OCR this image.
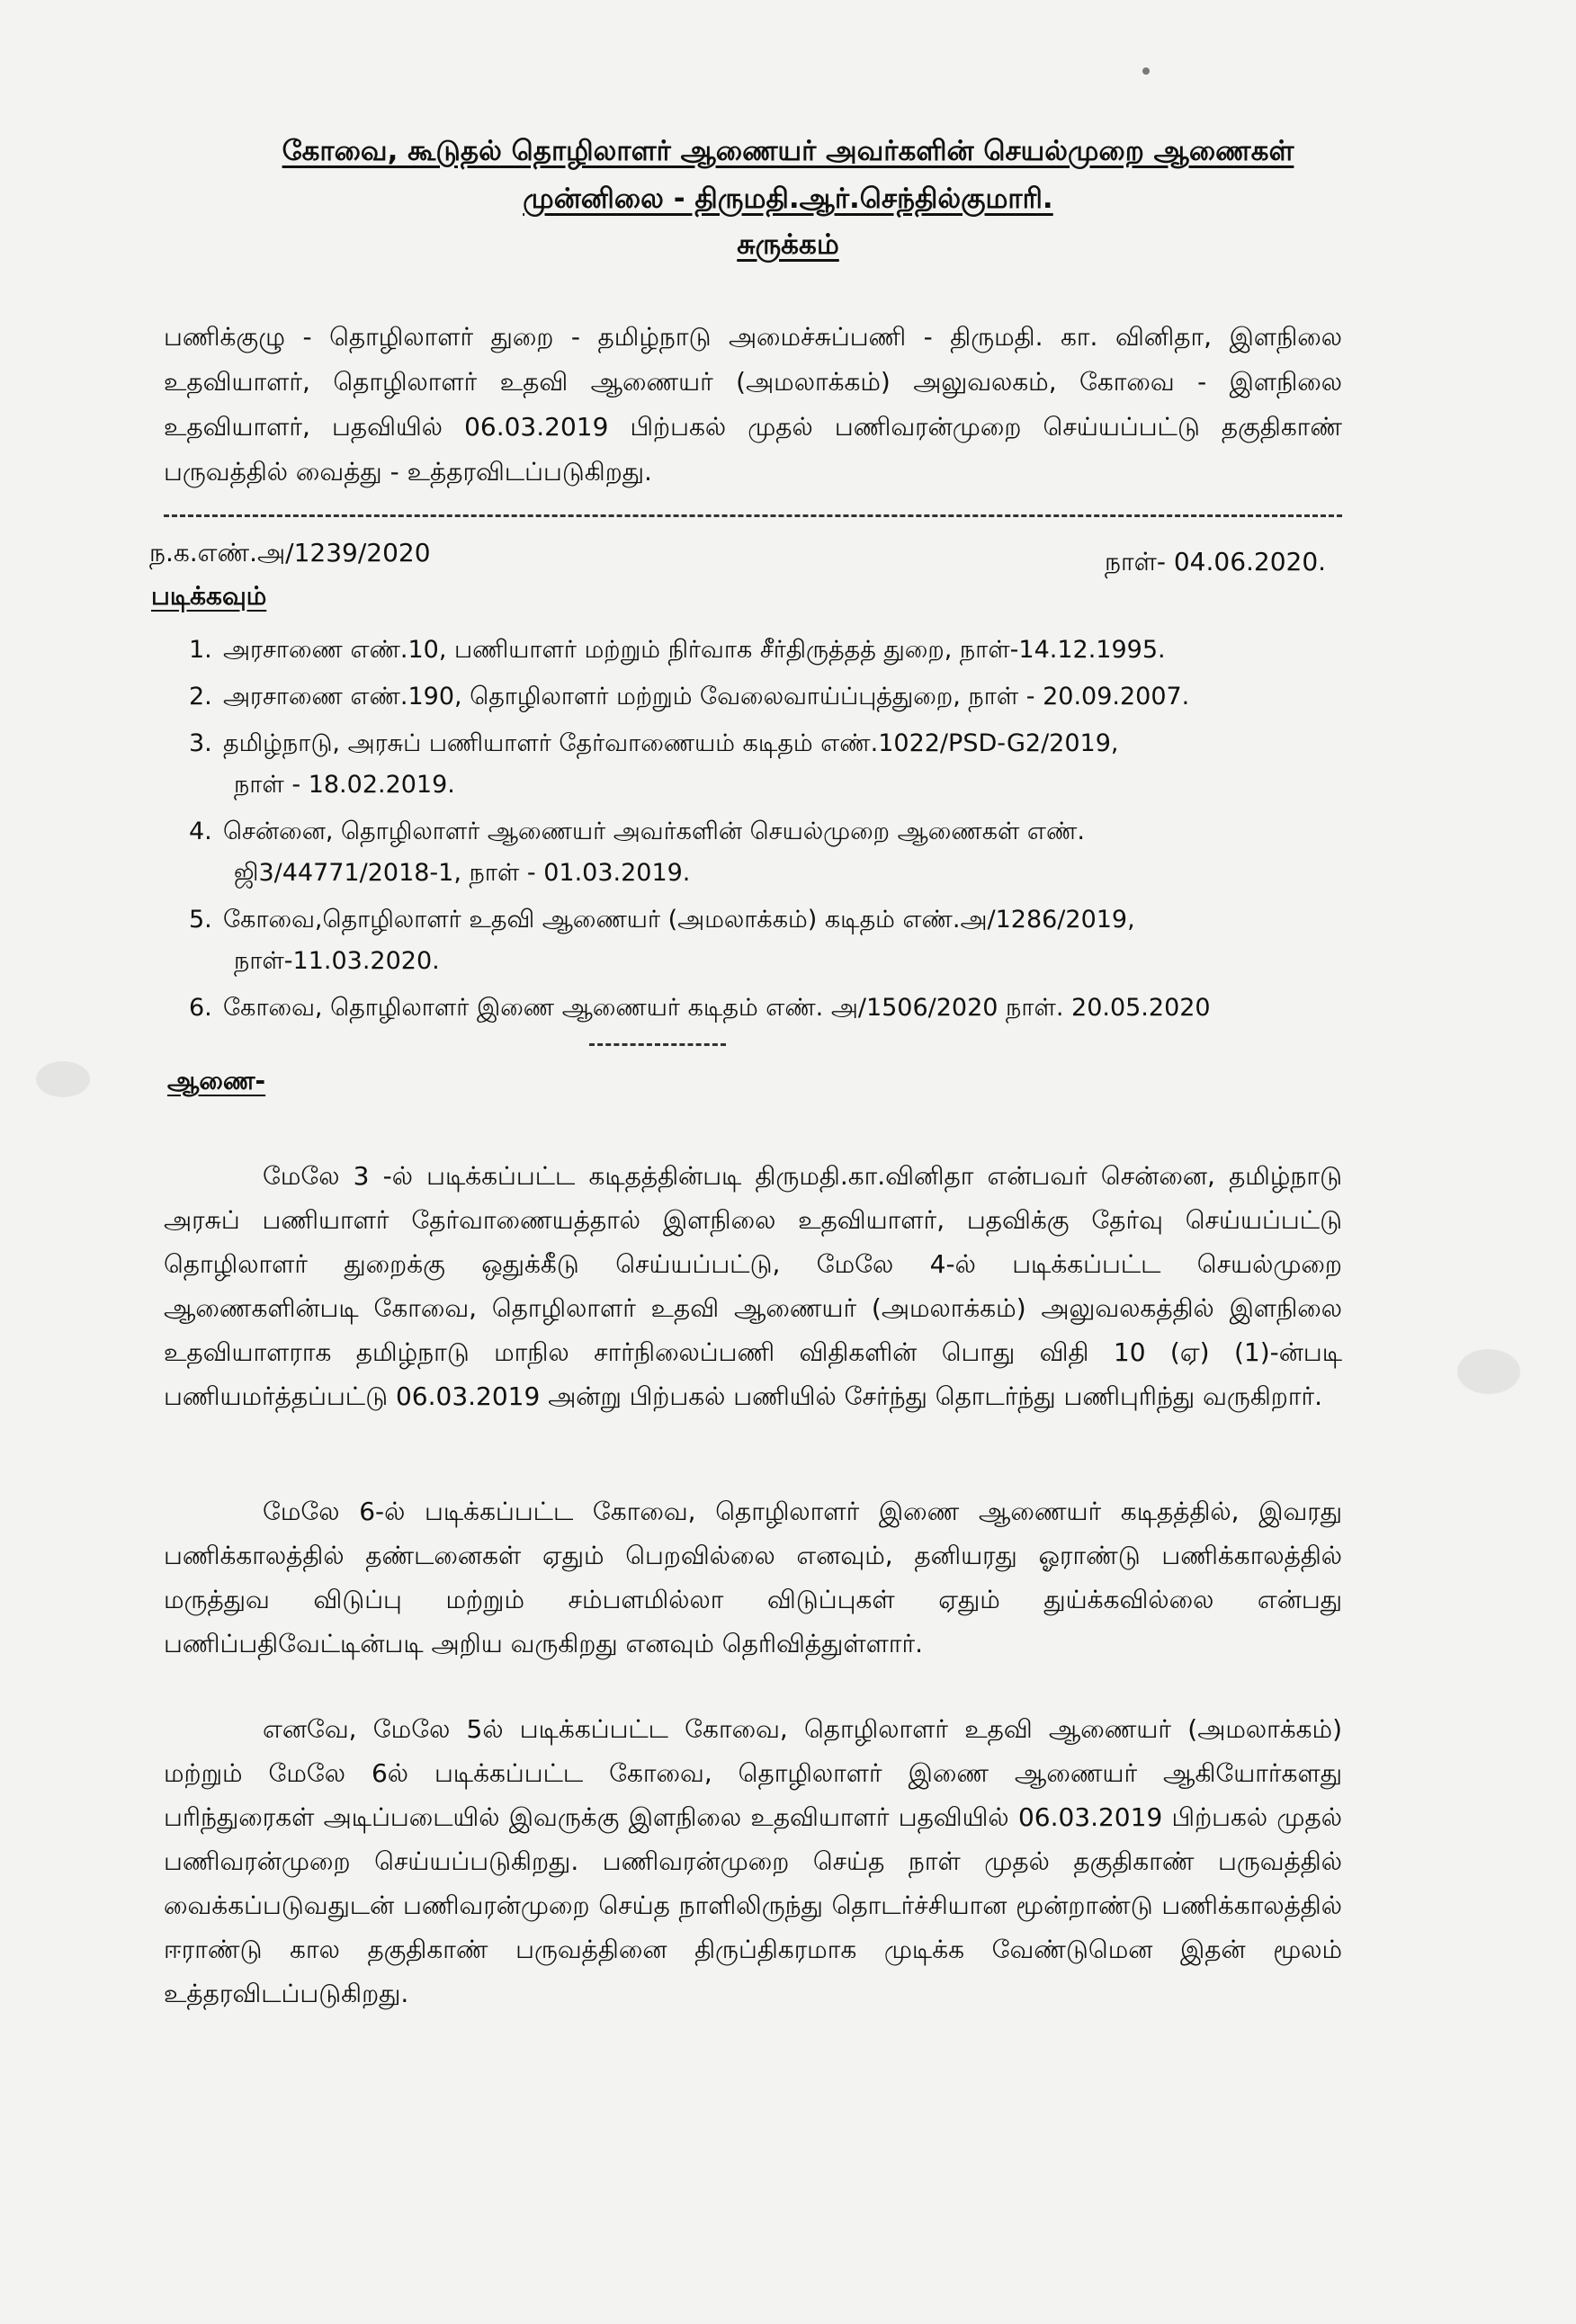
கோவை, கூடுதல் தொழிலாளர் ஆணையர் அவர்களின் செயல்முறை ஆணைகள்
முன்னிலை - திருமதி.ஆர்.செந்தில்குமாரி.
சுருக்கம்
பணிக்குழு - தொழிலாளர் துறை - தமிழ்நாடு அமைச்சுப்பணி - திருமதி. கா. வினிதா, இளநிலை உதவியாளர், தொழிலாளர் உதவி ஆணையர் (அமலாக்கம்) அலுவலகம், கோவை - இளநிலை உதவியாளர், பதவியில் 06.03.2019 பிற்பகல் முதல் பணிவரன்முறை செய்யப்பட்டு தகுதிகாண் பருவத்தில் வைத்து - உத்தரவிடப்படுகிறது.
ந.க.எண்.அ/1239/2020	நாள்- 04.06.2020.
படிக்கவும்
1. அரசாணை எண்.10, பணியாளர் மற்றும் நிர்வாக சீர்திருத்தத் துறை, நாள்-14.12.1995.
2. அரசாணை எண்.190, தொழிலாளர் மற்றும் வேலைவாய்ப்புத்துறை, நாள் - 20.09.2007.
3. தமிழ்நாடு, அரசுப் பணியாளர் தேர்வாணையம் கடிதம் எண்.1022/PSD-G2/2019,
நாள் - 18.02.2019.
4. சென்னை, தொழிலாளர் ஆணையர் அவர்களின் செயல்முறை ஆணைகள் எண்.
ஜி3/44771/2018-1, நாள் - 01.03.2019.
5. கோவை,தொழிலாளர் உதவி ஆணையர் (அமலாக்கம்) கடிதம் எண்.அ/1286/2019,
நாள்-11.03.2020.
6. கோவை, தொழிலாளர் இணை ஆணையர் கடிதம் எண். அ/1506/2020 நாள். 20.05.2020
ஆணை-
மேலே 3 -ல் படிக்கப்பட்ட கடிதத்தின்படி திருமதி.கா.வினிதா என்பவர் சென்னை, தமிழ்நாடு அரசுப் பணியாளர் தேர்வாணையத்தால் இளநிலை உதவியாளர், பதவிக்கு தேர்வு செய்யப்பட்டு தொழிலாளர் துறைக்கு ஒதுக்கீடு செய்யப்பட்டு, மேலே 4-ல் படிக்கப்பட்ட செயல்முறை ஆணைகளின்படி கோவை, தொழிலாளர் உதவி ஆணையர் (அமலாக்கம்) அலுவலகத்தில் இளநிலை உதவியாளராக தமிழ்நாடு மாநில சார்நிலைப்பணி விதிகளின் பொது விதி 10 (ஏ) (1)-ன்படி பணியமர்த்தப்பட்டு 06.03.2019 அன்று பிற்பகல் பணியில் சேர்ந்து தொடர்ந்து பணிபுரிந்து வருகிறார்.
மேலே 6-ல் படிக்கப்பட்ட கோவை, தொழிலாளர் இணை ஆணையர் கடிதத்தில், இவரது பணிக்காலத்தில் தண்டனைகள் ஏதும் பெறவில்லை எனவும், தனியரது ஓராண்டு பணிக்காலத்தில் மருத்துவ விடுப்பு மற்றும் சம்பளமில்லா விடுப்புகள் ஏதும் துய்க்கவில்லை என்பது பணிப்பதிவேட்டின்படி அறிய வருகிறது எனவும் தெரிவித்துள்ளார்.
எனவே, மேலே 5ல் படிக்கப்பட்ட கோவை, தொழிலாளர் உதவி ஆணையர் (அமலாக்கம்) மற்றும் மேலே 6ல் படிக்கப்பட்ட கோவை, தொழிலாளர் இணை ஆணையர் ஆகியோர்களது பரிந்துரைகள் அடிப்படையில் இவருக்கு இளநிலை உதவியாளர் பதவியில் 06.03.2019 பிற்பகல் முதல் பணிவரன்முறை செய்யப்படுகிறது. பணிவரன்முறை செய்த நாள் முதல் தகுதிகாண் பருவத்தில் வைக்கப்படுவதுடன் பணிவரன்முறை செய்த நாளிலிருந்து தொடர்ச்சியான மூன்றாண்டு பணிக்காலத்தில் ஈராண்டு கால தகுதிகாண் பருவத்தினை திருப்திகரமாக முடிக்க வேண்டுமென இதன் மூலம் உத்தரவிடப்படுகிறது.
